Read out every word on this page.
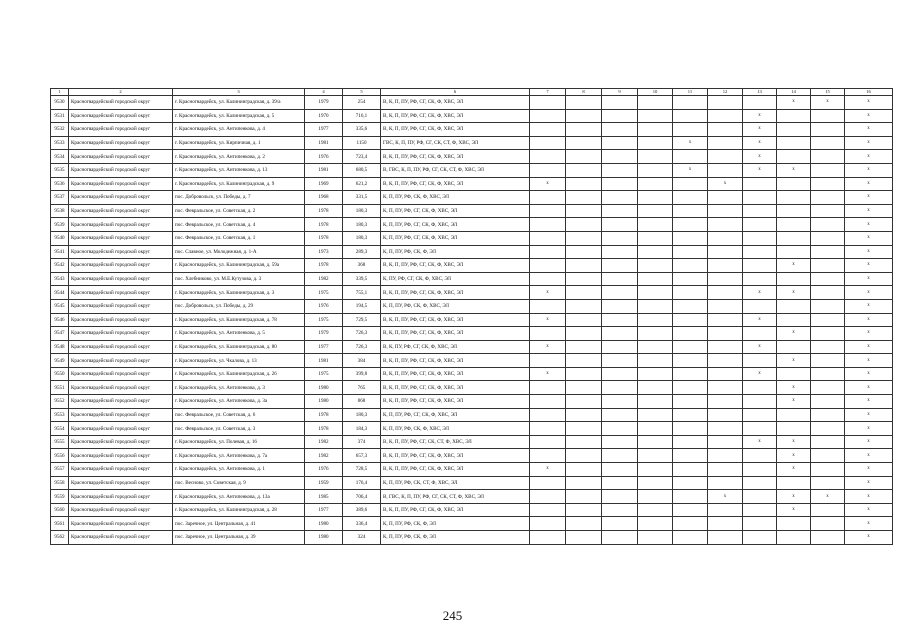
1	2	3	4	5	6	7	8	9	10	11	12	13	14	15	16
9530	Красногвардейский городской округ	г. Красногвардейск, ул. Калининградская, д. 39/а	1979	254	В, К, П, ПУ, РФ, СГ, СК, Ф, ХВС, ЭЛ								x	x	x
9531	Красногвардейский городской округ	г. Красногвардейск, ул. Калининградская, д. 5	1970	716,1	В, К, П, ПУ, РФ, СГ, СК, Ф, ХВС, ЭЛ							x			x
9532	Красногвардейский городской округ	г. Красногвардейск, ул. Антипенкова, д. 4	1977	335,6	В, К, П, ПУ, РФ, СГ, СК, Ф, ХВС, ЭЛ							x			x
9533	Красногвардейский городской округ	г. Красногвардейск, ул. Кирпичная, д. 1	1981	1150	ГВС, К, П, ПУ, РФ, СГ, СК, СТ, Ф, ХВС, ЭЛ					x		x			x
9534	Красногвардейский городской округ	г. Красногвардейск, ул. Антипенкова, д. 2	1976	723,4	В, К, П, ПУ, РФ, СГ, СК, Ф, ХВС, ЭЛ							x			x
9535	Красногвардейский городской округ	г. Красногвардейск, ул. Антипенкова, д. 13	1981	680,5	В, ГВС, К, П, ПУ, РФ, СГ, СК, СТ, Ф, ХВС, ЭЛ					x		x	x		x
9536	Красногвардейский городской округ	г. Красногвардейск, ул. Калининградская, д. 9	1969	621,2	В, К, П, ПУ, РФ, СГ, СК, Ф, ХВС, ЭЛ	x					x				x
9537	Красногвардейский городской округ	пос. Добровольск, ул. Победы, д. 7	1968	331,5	К, П, ПУ, РФ, СК, Ф, ХВС, ЭЛ										x
9538	Красногвардейский городской округ	пос. Февральское, ул. Советская, д. 2	1978	180,3	К, П, ПУ, РФ, СГ, СК, Ф, ХВС, ЭЛ										x
9539	Красногвардейский городской округ	пос. Февральское, ул. Советская, д. 4	1978	180,3	К, П, ПУ, РФ, СГ, СК, Ф, ХВС, ЭЛ										x
9540	Красногвардейский городской округ	пос. Февральское, ул. Советская, д. 1	1978	180,3	К, П, ПУ, РФ, СГ, СК, Ф, ХВС, ЭЛ										x
9541	Красногвардейский городской округ	пос. Славное, ул. Молодежная, д. 1-А	1973	289,3	К, П, ПУ, РФ, СК, Ф, ЭЛ										x
9542	Красногвардейский городской округ	г. Красногвардейск, ул. Калининградская, д. 59а	1978	368	В, К, П, ПУ, РФ, СГ, СК, Ф, ХВС, ЭЛ								x		x
9543	Красногвардейский городской округ	пос. Хлебниково, ул. М.Е.Кутузова, д. 3	1982	339,5	К, ПУ, РФ, СГ, СК, Ф, ХВС, ЭЛ										x
9544	Красногвардейский городской округ	г. Красногвардейск, ул. Калининградская, д. 3	1975	755,1	В, К, П, ПУ, РФ, СГ, СК, Ф, ХВС, ЭЛ	x						x	x		x
9545	Красногвардейский городской округ	пос. Добровольск, ул. Победы, д. 29	1976	194,5	К, П, ПУ, РФ, СК, Ф, ХВС, ЭЛ										x
9546	Красногвардейский городской округ	г. Красногвардейск, ул. Калининградская, д. 78	1975	729,5	В, К, П, ПУ, РФ, СГ, СК, Ф, ХВС, ЭЛ	x						x			x
9547	Красногвардейский городской округ	г. Красногвардейск, ул. Антипенкова, д. 5	1979	726,3	В, К, П, ПУ, РФ, СГ, СК, Ф, ХВС, ЭЛ								x		x
9548	Красногвардейский городской округ	г. Красногвардейск, ул. Калининградская, д. 80	1977	726,3	В, К, ПУ, РФ, СГ, СК, Ф, ХВС, ЭЛ	x						x			x
9549	Красногвардейский городской округ	г. Красногвардейск, ул. Чкалова, д. 13	1981	384	В, К, П, ПУ, РФ, СГ, СК, Ф, ХВС, ЭЛ								x		x
9550	Красногвардейский городской округ	г. Красногвардейск, ул. Калининградская, д. 26	1975	399,8	В, К, П, ПУ, РФ, СГ, СК, Ф, ХВС, ЭЛ	x						x			x
9551	Красногвардейский городской округ	г. Красногвардейск, ул. Антипенкова, д. 3	1980	765	В, К, П, ПУ, РФ, СГ, СК, Ф, ХВС, ЭЛ								x		x
9552	Красногвардейский городской округ	г. Красногвардейск, ул. Антипенкова, д. 3а	1980	868	В, К, П, ПУ, РФ, СГ, СК, Ф, ХВС, ЭЛ								x		x
9553	Красногвардейский городской округ	пос. Февральское, ул. Советская, д. 6	1978	180,3	К, П, ПУ, РФ, СГ, СК, Ф, ХВС, ЭЛ										x
9554	Красногвардейский городской округ	пос. Февральское, ул. Советская, д. 3	1978	184,3	К, П, ПУ, РФ, СК, Ф, ХВС, ЭЛ										x
9555	Красногвардейский городской округ	г. Красногвардейск, ул. Полевая, д. 16	1982	374	В, К, П, ПУ, РФ, СГ, СК, СТ, Ф, ХВС, ЭЛ							x	x		x
9556	Красногвардейский городской округ	г. Красногвардейск, ул. Антипенкова, д. 7а	1982	657,3	В, К, П, ПУ, РФ, СГ, СК, Ф, ХВС, ЭЛ								x		x
9557	Красногвардейский городской округ	г. Красногвардейск, ул. Антипенкова, д. 1	1976	728,5	В, К, П, ПУ, РФ, СГ, СК, Ф, ХВС, ЭЛ	x							x		x
9558	Красногвардейский городской округ	пос. Весново, ул. Советская, д. 9	1959	176,4	К, П, ПУ, РФ, СК, СТ, Ф, ХВС, ЭЛ										x
9559	Красногвардейский городской округ	г. Красногвардейск, ул. Антипенкова, д. 13а	1985	706,4	В, ГВС, К, П, ПУ, РФ, СГ, СК, СТ, Ф, ХВС, ЭЛ						x		x	x	x
9560	Красногвардейский городской округ	г. Красногвардейск, ул. Калининградская, д. 28	1977	389,6	В, К, П, ПУ, РФ, СГ, СК, Ф, ХВС, ЭЛ								x		x
9561	Красногвардейский городской округ	пос. Заречное, ул. Центральная, д. 41	1980	336,4	К, П, ПУ, РФ, СК, Ф, ЭЛ										x
9562	Красногвардейский городской округ	пос. Заречное, ул. Центральная, д. 39	1980	324	К, П, ПУ, РФ, СК, Ф, ЭЛ										x
245
